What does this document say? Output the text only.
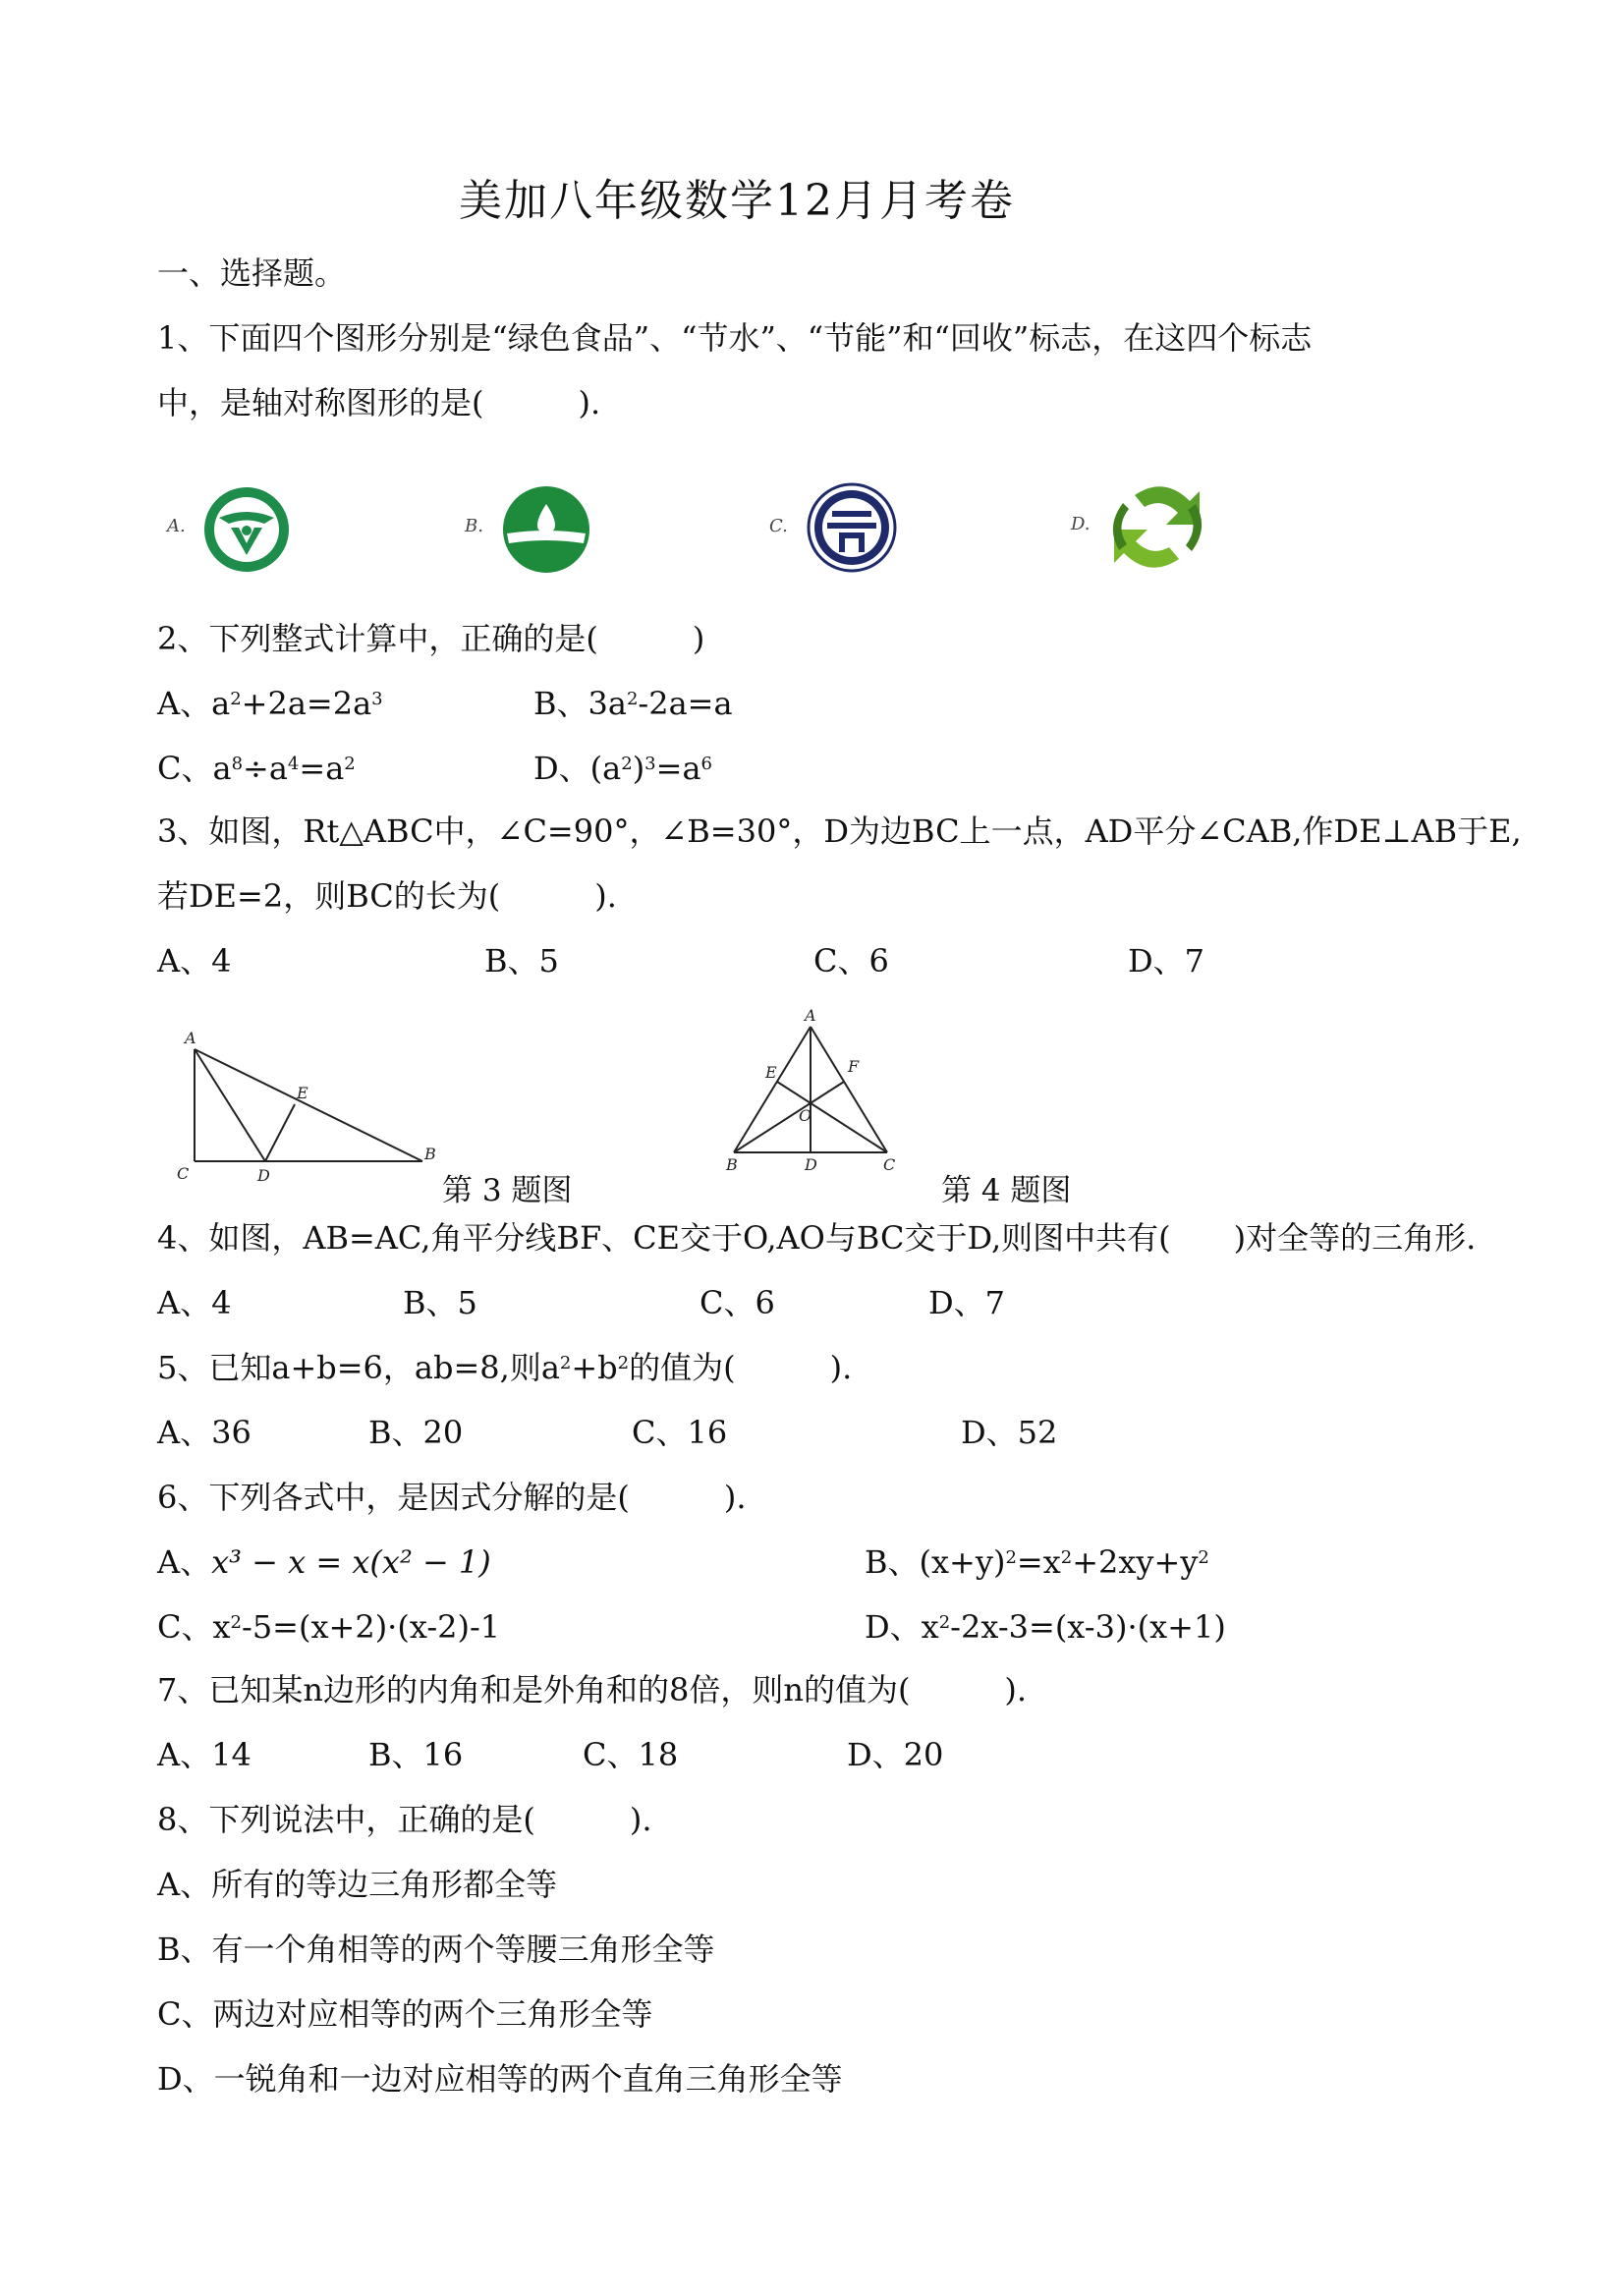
美加八年级数学12月月考卷
一、选择题。
1、下面四个图形分别是“绿色食品”、“节水”、“节能”和“回收”标志，在这四个标志
中，是轴对称图形的是(　　　).
A.	B.	C.	D.
2、下列整式计算中，正确的是(　　　)
A、$a^2+2a=2a^3$	B、$3a^2-2a=a$
C、$a^8\div a^4=a^2$	D、$(a^2)^3=a^6$
3、如图，Rt△ABC中，∠C=90°，∠B=30°，D为边BC上一点，AD平分∠CAB,作DE⊥AB于E,
若DE=2，则BC的长为(　　　).
A、4	B、5	C、6	D、7
A
C	D
E
B
第 3 题图
A
E	F
O
B	D	C
第 4 题图
4、如图，AB=AC,角平分线BF、CE交于O,AO与BC交于D,则图中共有(　　)对全等的三角形.
A、4	B、5	C、6	D、7
5、已知a+b=6，ab=8,则$a^2+b^2$的值为(　　　).
A、36	B、20	C、16	D、52
6、下列各式中，是因式分解的是(　　　).
A、x³ − x = x(x² − 1)	B、$(x+y)^2=x^2+2xy+y^2$
C、$x^2-5=(x+2)\cdot(x-2)-1$	D、$x^2-2x-3=(x-3)\cdot(x+1)$
7、已知某n边形的内角和是外角和的8倍，则n的值为(　　　).
A、14	B、16	C、18	D、20
8、下列说法中，正确的是(　　　).
A、所有的等边三角形都全等
B、有一个角相等的两个等腰三角形全等
C、两边对应相等的两个三角形全等
D、一锐角和一边对应相等的两个直角三角形全等
